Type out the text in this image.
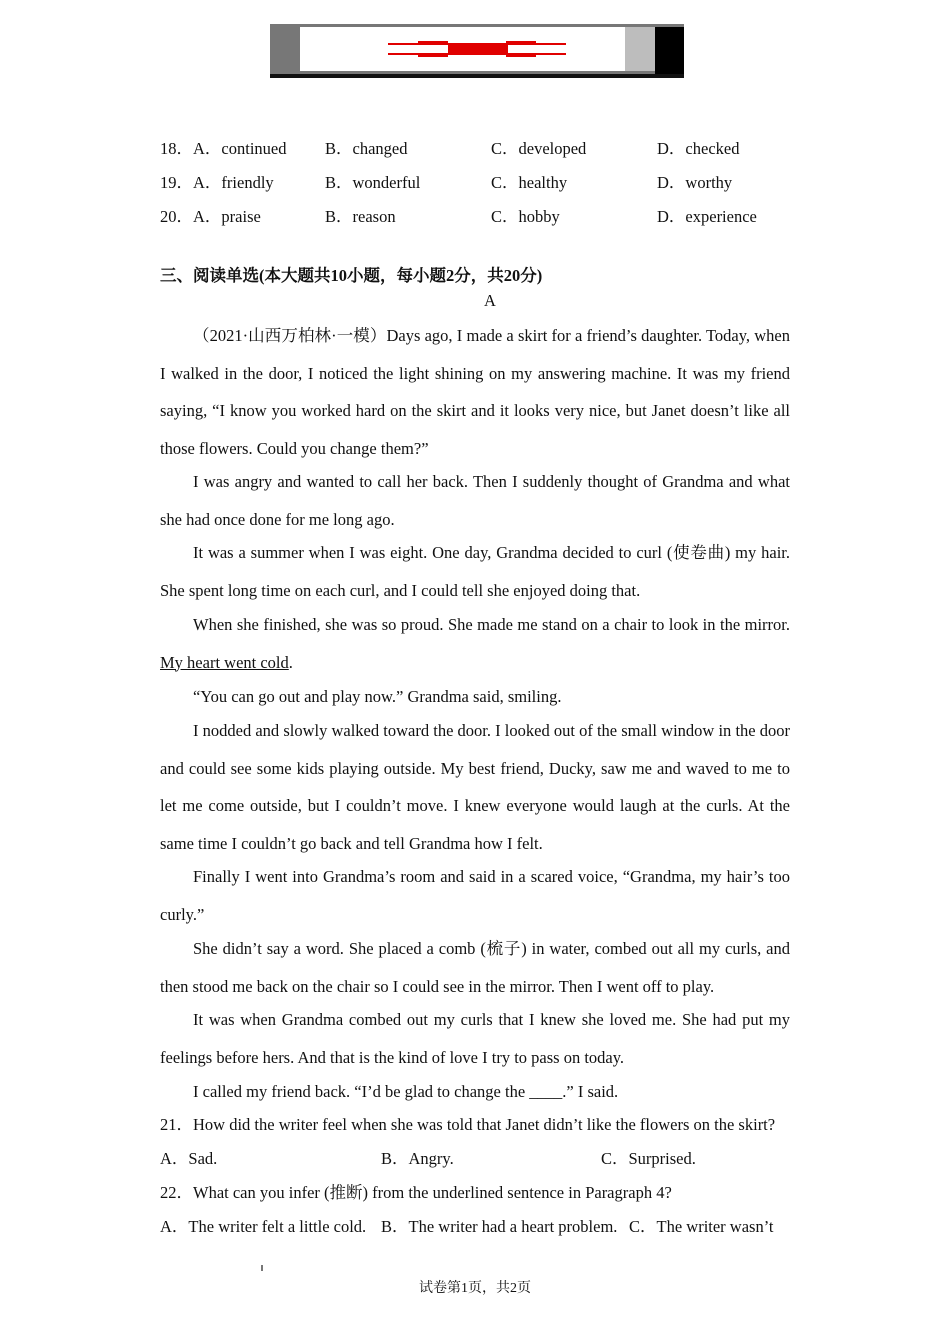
18． A．continued B．changed	C．developed	D．checked
19． A．friendly	B．wonderful	C．healthy	D．worthy
20． A．praise	B．reason	C．hobby	D．experience
三、阅读单选(本大题共10小题，每小题2分，共20分)
A
（2021·山西万柏林·一模）Days ago, I made a skirt for a friend’s daughter. Today, when I walked in the door, I noticed the light shining on my answering machine. It was my friend saying, “I know you worked hard on the skirt and it looks very nice, but Janet doesn’t like all those flowers. Could you change them?”
I was angry and wanted to call her back. Then I suddenly thought of Grandma and what she had once done for me long ago.
It was a summer when I was eight. One day, Grandma decided to curl (使卷曲) my hair. She spent long time on each curl, and I could tell she enjoyed doing that.
When she finished, she was so proud. She made me stand on a chair to look in the mirror. My heart went cold.
“You can go out and play now.” Grandma said, smiling.
I nodded and slowly walked toward the door. I looked out of the small window in the door and could see some kids playing outside. My best friend, Ducky, saw me and waved to me to let me come outside, but I couldn’t move. I knew everyone would laugh at the curls. At the same time I couldn’t go back and tell Grandma how I felt.
Finally I went into Grandma’s room and said in a scared voice, “Grandma, my hair’s too curly.”
She didn’t say a word. She placed a comb (梳子) in water, combed out all my curls, and then stood me back on the chair so I could see in the mirror. Then I went off to play.
It was when Grandma combed out my curls that I knew she loved me. She had put my feelings before hers. And that is the kind of love I try to pass on today.
I called my friend back. “I’d be glad to change the ____.” I said.
21．How did the writer feel when she was told that Janet didn’t like the flowers on the skirt?
A．Sad.	B．Angry.	C．Surprised.
22．What can you infer (推断) from the underlined sentence in Paragraph 4?
A．The writer felt a little cold. B．The writer had a heart problem. C．The writer wasn’t
试卷第1页，共2页
